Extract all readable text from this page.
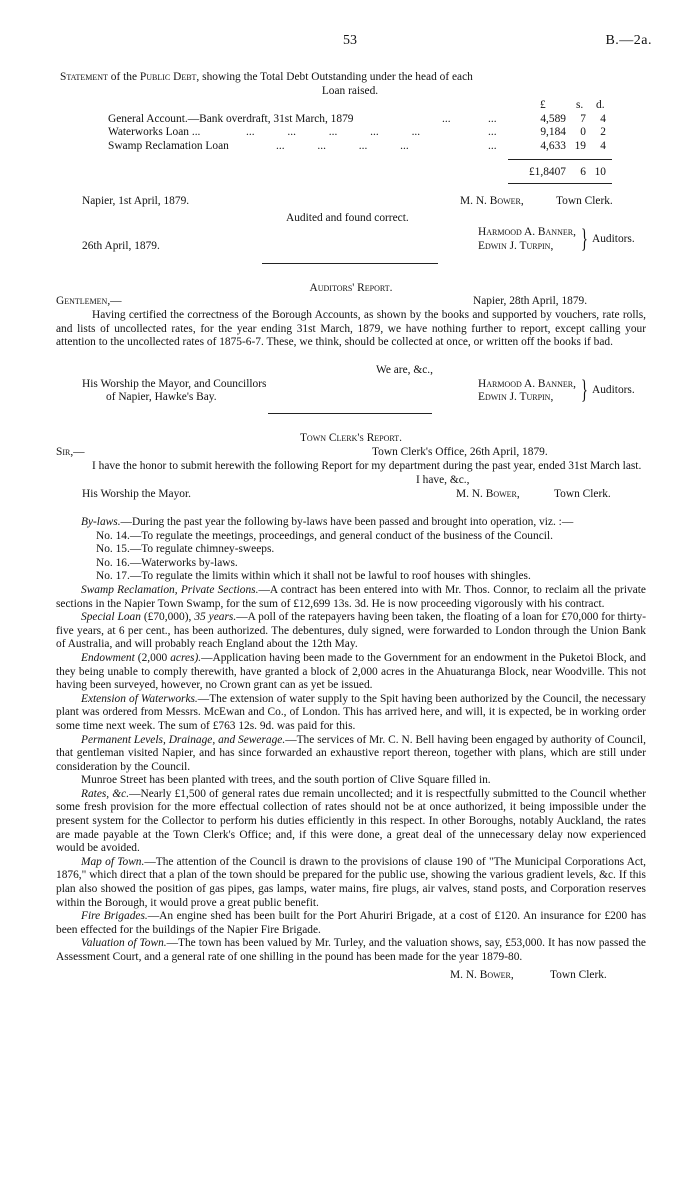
53	B.—2a.
Statement of the Public Debt, showing the Total Debt Outstanding under the head of each
Loan raised.
£	s. d.
General Account.—Bank overdraft, 31st March, 1879	...	...	4,589	7	4
Waterworks Loan ...	... ... ... ... ...	...	9,184	0	2
Swamp Reclamation Loan	... ... ... ...	...	4,633 19	4
£1,8407	6 10
Napier, 1st April, 1879.	M. N. Bower,	Town Clerk.
Audited and found correct.
Harmood A. Banner,
26th April, 1879.	Edwin J. Turpin, } Auditors.
Auditors' Report.
Gentlemen,—	Napier, 28th April, 1879.

Having certified the correctness of the Borough Accounts, as shown by the books and supported by vouchers, rate rolls, and lists of uncollected rates, for the year ending 31st March, 1879, we have nothing further to report, except calling your attention to the uncollected rates of 1875-6-7. These, we think, should be collected at once, or written off the books if bad.

We are, &c.,
His Worship the Mayor, and Councillors	Harmood A. Banner,
of Napier, Hawke's Bay.	Edwin J. Turpin, } Auditors.
Town Clerk's Report.
Sir,—	Town Clerk's Office, 26th April, 1879.

I have the honor to submit herewith the following Report for my department during the past year, ended 31st March last.

I have, &c.,
His Worship the Mayor.	M. N. Bower,	Town Clerk.

By-laws.—During the past year the following by-laws have been passed and brought into operation, viz. :—

No. 14.—To regulate the meetings, proceedings, and general conduct of the business of the Council.

No. 15.—To regulate chimney-sweeps.

No. 16.—Waterworks by-laws.

No. 17.—To regulate the limits within which it shall not be lawful to roof houses with shingles.

Swamp Reclamation, Private Sections.—A contract has been entered into with Mr. Thos. Connor, to reclaim all the private sections in the Napier Town Swamp, for the sum of £12,699 13s. 3d. He is now proceeding vigorously with his contract.

Special Loan (£70,000), 35 years.—A poll of the ratepayers having been taken, the floating of a loan for £70,000 for thirty-five years, at 6 per cent., has been authorized. The debentures, duly signed, were forwarded to London through the Union Bank of Australia, and will probably reach England about the 12th May.

Endowment (2,000 acres).—Application having been made to the Government for an endowment in the Puketoi Block, and they being unable to comply therewith, have granted a block of 2,000 acres in the Ahuaturanga Block, near Woodville. This not having been surveyed, however, no Crown grant can as yet be issued.

Extension of Waterworks.—The extension of water supply to the Spit having been authorized by the Council, the necessary plant was ordered from Messrs. McEwan and Co., of London. This has arrived here, and will, it is expected, be in working order some time next week. The sum of £763 12s. 9d. was paid for this.

Permanent Levels, Drainage, and Sewerage.—The services of Mr. C. N. Bell having been engaged by authority of Council, that gentleman visited Napier, and has since forwarded an exhaustive report thereon, together with plans, which are still under consideration by the Council.

Munroe Street has been planted with trees, and the south portion of Clive Square filled in.

Rates, &c.—Nearly £1,500 of general rates due remain uncollected; and it is respectfully submitted to the Council whether some fresh provision for the more effectual collection of rates should not be at once authorized, it being impossible under the present system for the Collector to perform his duties efficiently in this respect. In other Boroughs, notably Auckland, the rates are made payable at the Town Clerk's Office; and, if this were done, a great deal of the unnecessary delay now experienced would be avoided.

Map of Town.—The attention of the Council is drawn to the provisions of clause 190 of "The Municipal Corporations Act, 1876," which direct that a plan of the town should be prepared for the public use, showing the various gradient levels, &c. If this plan also showed the position of gas pipes, gas lamps, water mains, fire plugs, air valves, stand posts, and Corporation reserves within the Borough, it would prove a great public benefit.

Fire Brigades.—An engine shed has been built for the Port Ahuriri Brigade, at a cost of £120. An insurance for £200 has been effected for the buildings of the Napier Fire Brigade.

Valuation of Town.—The town has been valued by Mr. Turley, and the valuation shows, say, £53,000. It has now passed the Assessment Court, and a general rate of one shilling in the pound has been made for the year 1879-80.

M. N. Bower,	Town Clerk.
